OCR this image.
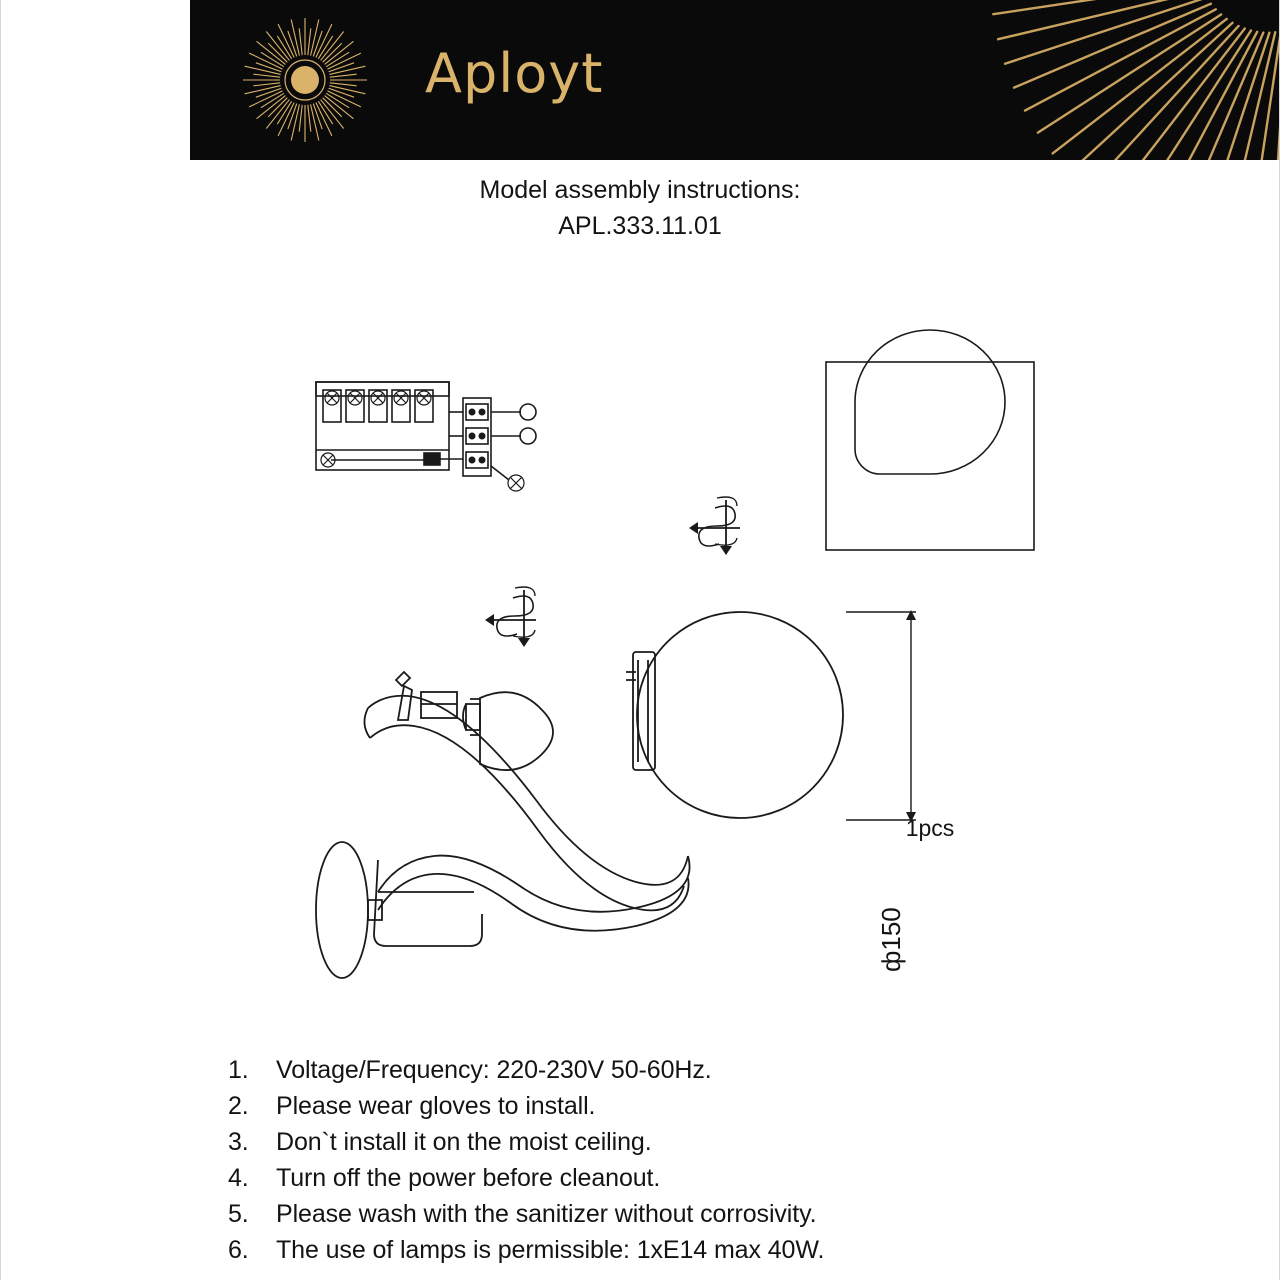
Aployt
Model assembly instructions:
APL.333.11.01
1pcs
ф150
1.	Voltage/Frequency: 220-230V 50-60Hz.
2.	Please wear gloves to install.
3.	Don`t install it on the moist ceiling.
4.	Turn off the power before cleanout.
5.	Please wash with the sanitizer without corrosivity.
6.	The use of lamps is permissible: 1xE14 max 40W.
